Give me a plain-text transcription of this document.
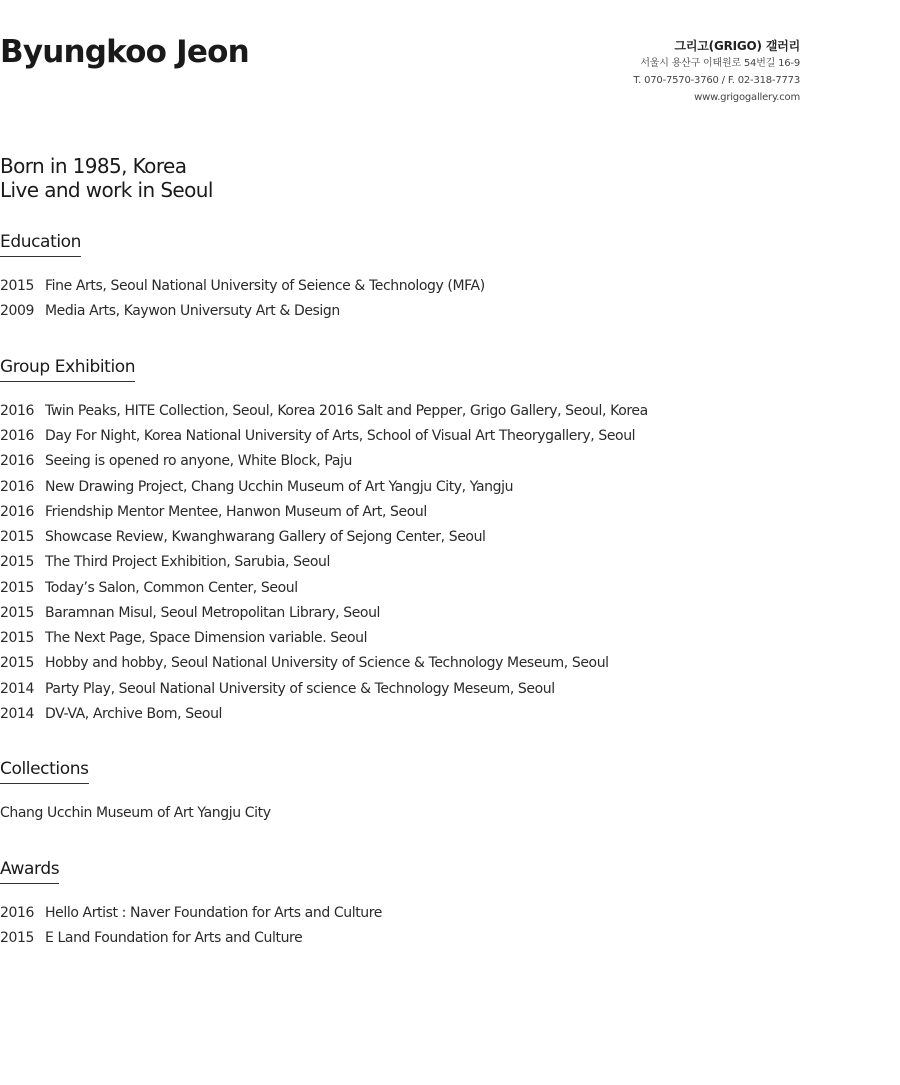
Byungkoo Jeon	그리고(GRIGO) 갤러리
서울시 용산구 이태원로 54번길 16-9
T. 070-7570-3760 / F. 02-318-7773
www.grigogallery.com
Born in 1985, Korea
Live and work in Seoul
Education
2015 Fine Arts, Seoul National University of Seience & Technology (MFA)
2009 Media Arts, Kaywon Universuty Art & Design
Group Exhibition
2016 Twin Peaks, HITE Collection, Seoul, Korea 2016 Salt and Pepper, Grigo Gallery, Seoul, Korea
2016 Day For Night, Korea National University of Arts, School of Visual Art Theorygallery, Seoul
2016 Seeing is opened ro anyone, White Block, Paju
2016 New Drawing Project, Chang Ucchin Museum of Art Yangju City, Yangju
2016 Friendship Mentor Mentee, Hanwon Museum of Art, Seoul
2015 Showcase Review, Kwanghwarang Gallery of Sejong Center, Seoul
2015 The Third Project Exhibition, Sarubia, Seoul
2015 Today’s Salon, Common Center, Seoul
2015 Baramnan Misul, Seoul Metropolitan Library, Seoul
2015 The Next Page, Space Dimension variable. Seoul
2015 Hobby and hobby, Seoul National University of Science & Technology Meseum, Seoul
2014 Party Play, Seoul National University of science & Technology Meseum, Seoul
2014 DV-VA, Archive Bom, Seoul
Collections
Chang Ucchin Museum of Art Yangju City
Awards
2016 Hello Artist : Naver Foundation for Arts and Culture
2015 E Land Foundation for Arts and Culture
